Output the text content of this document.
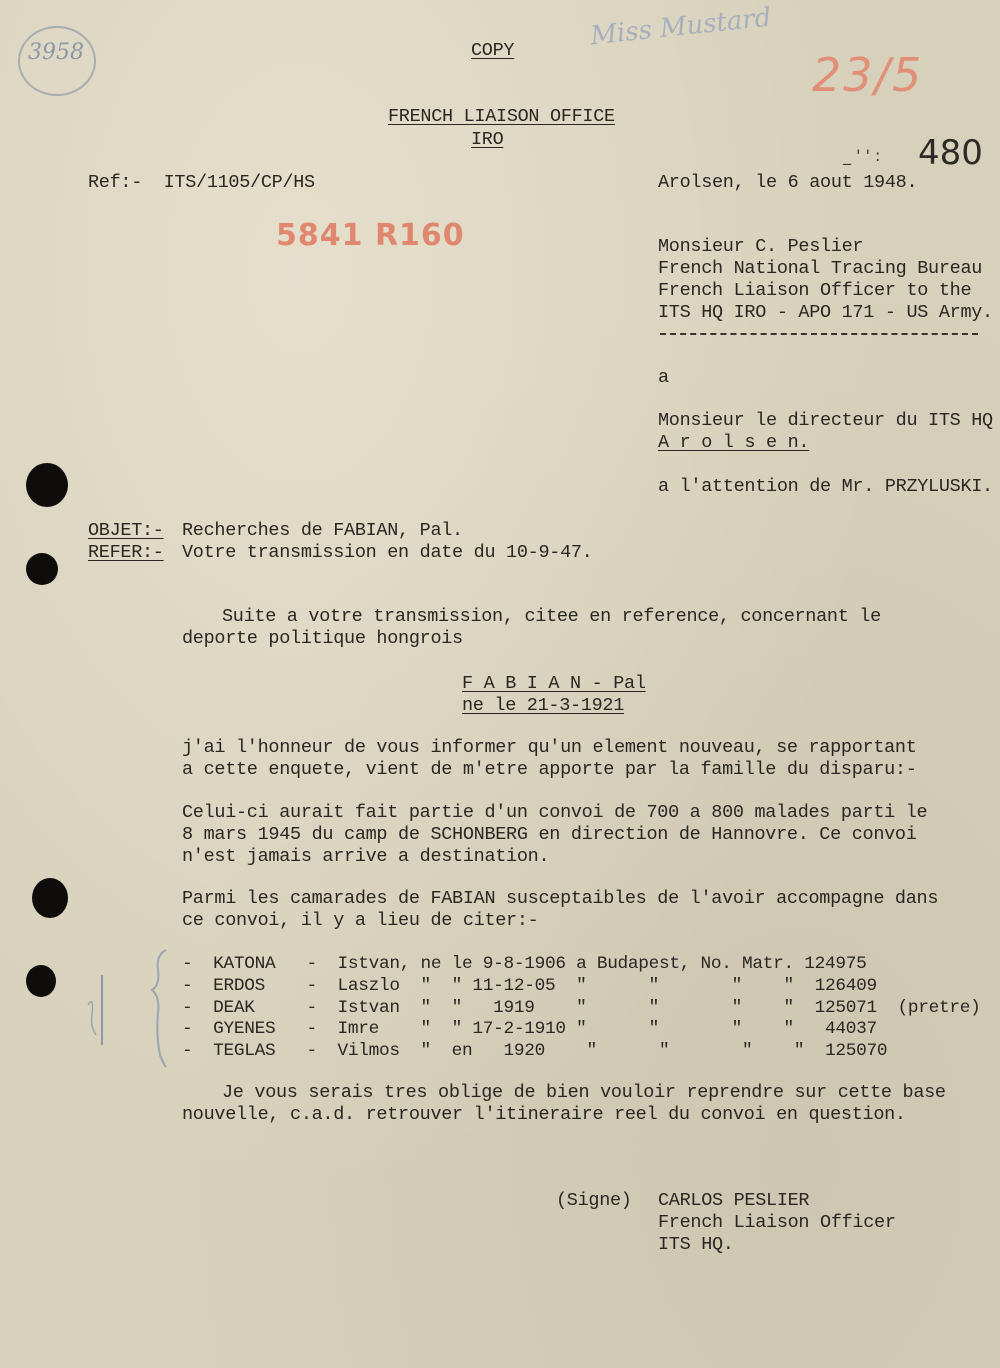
3958
Miss Mustard
23/5
COPY
FRENCH LIAISON OFFICE
IRO
_ ' ' : 480
Ref:-  ITS/1105/CP/HS	Arolsen, le 6 aout 1948.
5841 R160	Monsieur C. Peslier
French National Tracing Bureau
French Liaison Officer to the
ITS HQ IRO - APO 171 - US Army.
a
Monsieur le directeur du ITS HQ
A r o l s e n.
a l'attention de Mr. PRZYLUSKI.
OBJET:- Recherches de FABIAN, Pal.
REFER:- Votre transmission en date du 10-9-47.
Suite a votre transmission, citee en reference, concernant le
deporte politique hongrois
F A B I A N - Pal
ne le 21-3-1921
j'ai l'honneur de vous informer qu'un element nouveau, se rapportant
a cette enquete, vient de m'etre apporte par la famille du disparu:-
Celui-ci aurait fait partie d'un convoi de 700 a 800 malades parti le
8 mars 1945 du camp de SCHONBERG en direction de Hannovre. Ce convoi
n'est jamais arrive a destination.
Parmi les camarades de FABIAN susceptaibles de l'avoir accompagne dans
ce convoi, il y a lieu de citer:-
-  KATONA   -  Istvan, ne le 9-8-1906 a Budapest, No. Matr. 124975
-  ERDOS    -  Laszlo  "  " 11-12-05  "      "       "    "  126409
-  DEAK     -  Istvan  "  "   1919    "      "       "    "  125071  (pretre)
-  GYENES   -  Imre    "  " 17-2-1910 "      "       "    "   44037
-  TEGLAS   -  Vilmos  "  en   1920    "      "       "    "  125070
Je vous serais tres oblige de bien vouloir reprendre sur cette base
nouvelle, c.a.d. retrouver l'itineraire reel du convoi en question.
(Signe) CARLOS PESLIER
French Liaison Officer
ITS HQ.
